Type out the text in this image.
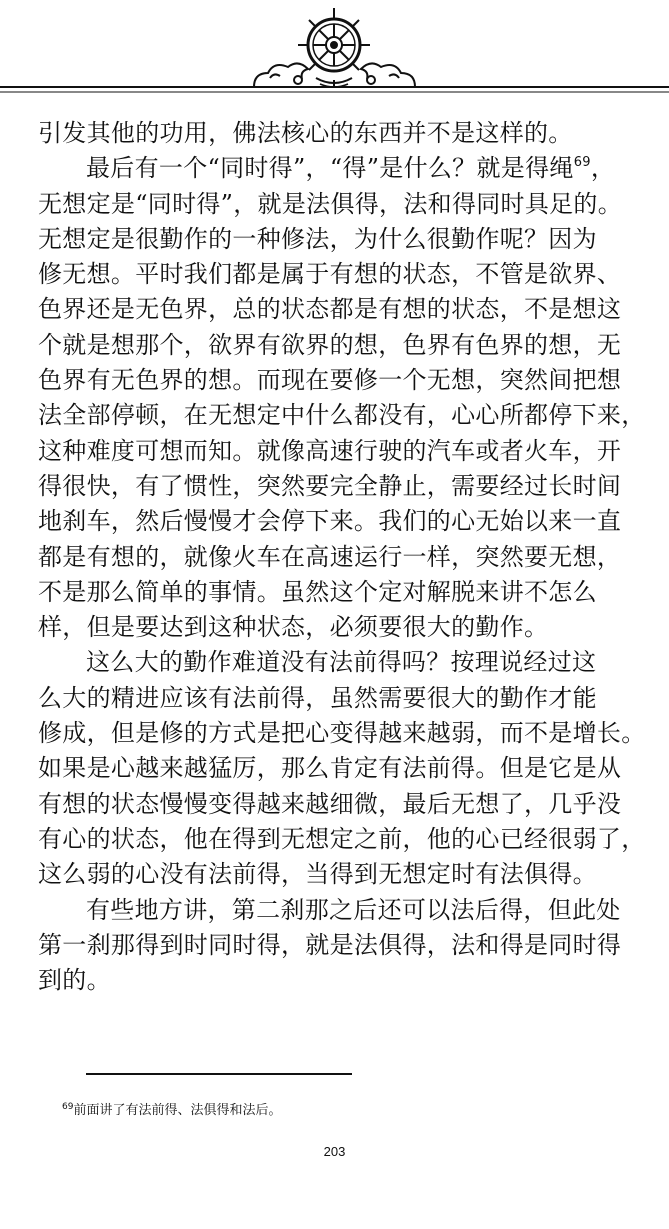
引发其他的功用，佛法核心的东西并不是这样的。
最后有一个“同时得”，“得”是什么？就是得绳$^{69}$，
无想定是“同时得”，就是法俱得，法和得同时具足的。
无想定是很勤作的一种修法，为什么很勤作呢？因为
修无想。平时我们都是属于有想的状态，不管是欲界、
色界还是无色界，总的状态都是有想的状态，不是想这
个就是想那个，欲界有欲界的想，色界有色界的想，无
色界有无色界的想。而现在要修一个无想，突然间把想
法全部停顿，在无想定中什么都没有，心心所都停下来，
这种难度可想而知。就像高速行驶的汽车或者火车，开
得很快，有了惯性，突然要完全静止，需要经过长时间
地刹车，然后慢慢才会停下来。我们的心无始以来一直
都是有想的，就像火车在高速运行一样，突然要无想，
不是那么简单的事情。虽然这个定对解脱来讲不怎么
样，但是要达到这种状态，必须要很大的勤作。
这么大的勤作难道没有法前得吗？按理说经过这
么大的精进应该有法前得，虽然需要很大的勤作才能
修成，但是修的方式是把心变得越来越弱，而不是增长。
如果是心越来越猛厉，那么肯定有法前得。但是它是从
有想的状态慢慢变得越来越细微，最后无想了，几乎没
有心的状态，他在得到无想定之前，他的心已经很弱了，
这么弱的心没有法前得，当得到无想定时有法俱得。
有些地方讲，第二刹那之后还可以法后得，但此处
第一刹那得到时同时得，就是法俱得，法和得是同时得
到的。
$^{69}$前面讲了有法前得、法俱得和法后。
203
